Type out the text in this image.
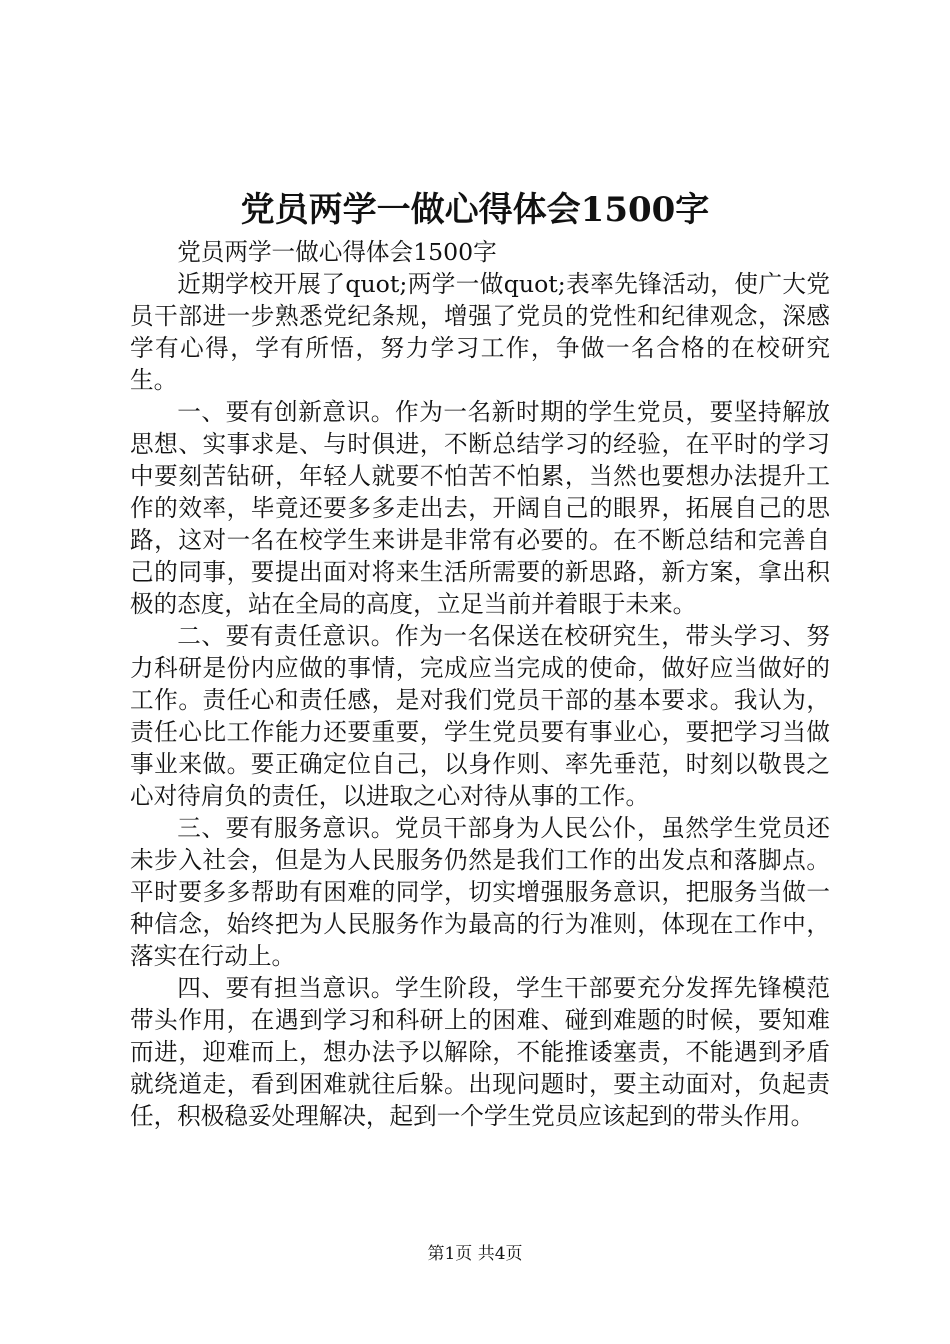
党员两学一做心得体会1500字

党员两学一做心得体会1500字

近期学校开展了quot;两学一做quot;表率先锋活动，使广大党员干部进一步熟悉党纪条规，增强了党员的党性和纪律观念，深感学有心得，学有所悟，努力学习工作，争做一名合格的在校研究生。

一、要有创新意识。作为一名新时期的学生党员，要坚持解放思想、实事求是、与时俱进，不断总结学习的经验，在平时的学习中要刻苦钻研，年轻人就要不怕苦不怕累，当然也要想办法提升工作的效率，毕竟还要多多走出去，开阔自己的眼界，拓展自己的思路，这对一名在校学生来讲是非常有必要的。在不断总结和完善自己的同事，要提出面对将来生活所需要的新思路，新方案，拿出积极的态度，站在全局的高度，立足当前并着眼于未来。

二、要有责任意识。作为一名保送在校研究生，带头学习、努力科研是份内应做的事情，完成应当完成的使命，做好应当做好的工作。责任心和责任感，是对我们党员干部的基本要求。我认为，责任心比工作能力还要重要，学生党员要有事业心，要把学习当做事业来做。要正确定位自己，以身作则、率先垂范，时刻以敬畏之心对待肩负的责任，以进取之心对待从事的工作。

三、要有服务意识。党员干部身为人民公仆，虽然学生党员还未步入社会，但是为人民服务仍然是我们工作的出发点和落脚点。平时要多多帮助有困难的同学，切实增强服务意识，把服务当做一种信念，始终把为人民服务作为最高的行为准则，体现在工作中，落实在行动上。

四、要有担当意识。学生阶段，学生干部要充分发挥先锋模范带头作用，在遇到学习和科研上的困难、碰到难题的时候，要知难而进，迎难而上，想办法予以解除，不能推诿塞责，不能遇到矛盾就绕道走，看到困难就往后躲。出现问题时，要主动面对，负起责任，积极稳妥处理解决，起到一个学生党员应该起到的带头作用。

第1页 共4页
